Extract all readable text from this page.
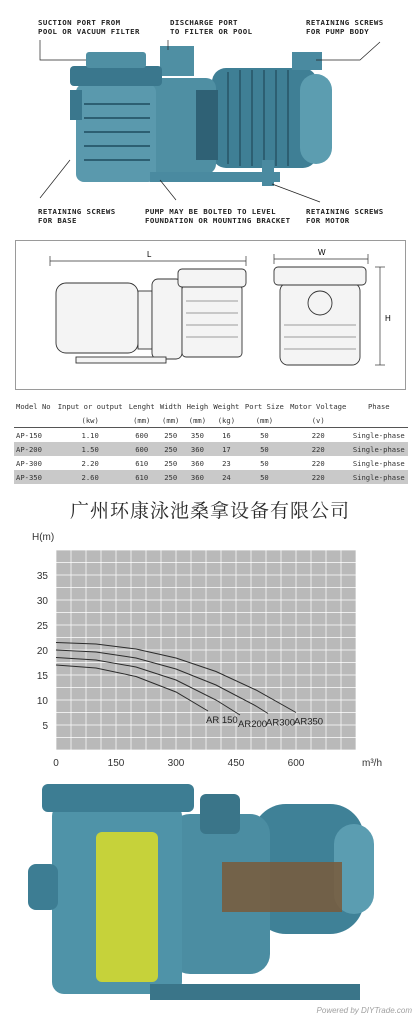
SUCTION PORT FROM
POOL OR VACUUM FILTER
DISCHARGE PORT
TO FILTER OR POOL
RETAINING SCREWS
FOR PUMP BODY
RETAINING SCREWS
FOR BASE
PUMP MAY BE BOLTED TO LEVEL
FOUNDATION OR MOUNTING BRACKET
RETAINING SCREWS
FOR MOTOR
L	W
H
Model No	Input or output	Lenght	Width	Heigh	Weight	Port Size	Motor Voltage	Phase
	(kw)	(mm)	(mm)	(mm)	(kg)	(mm)	(v)	
AP-150	1.10	600	250	350	16	50	220	Single-phase
AP-200	1.50	600	250	360	17	50	220	Single-phase
AP-300	2.20	610	250	360	23	50	220	Single-phase
AP-350	2.60	610	250	360	24	50	220	Single-phase
广州环康泳池桑拿设备有限公司
H(m)
m³/h
5
10
15
20
25
30
35
0	150	300	450	600
AR350
AR300
AR200
AR 150
Powered by DIYTrade.com
